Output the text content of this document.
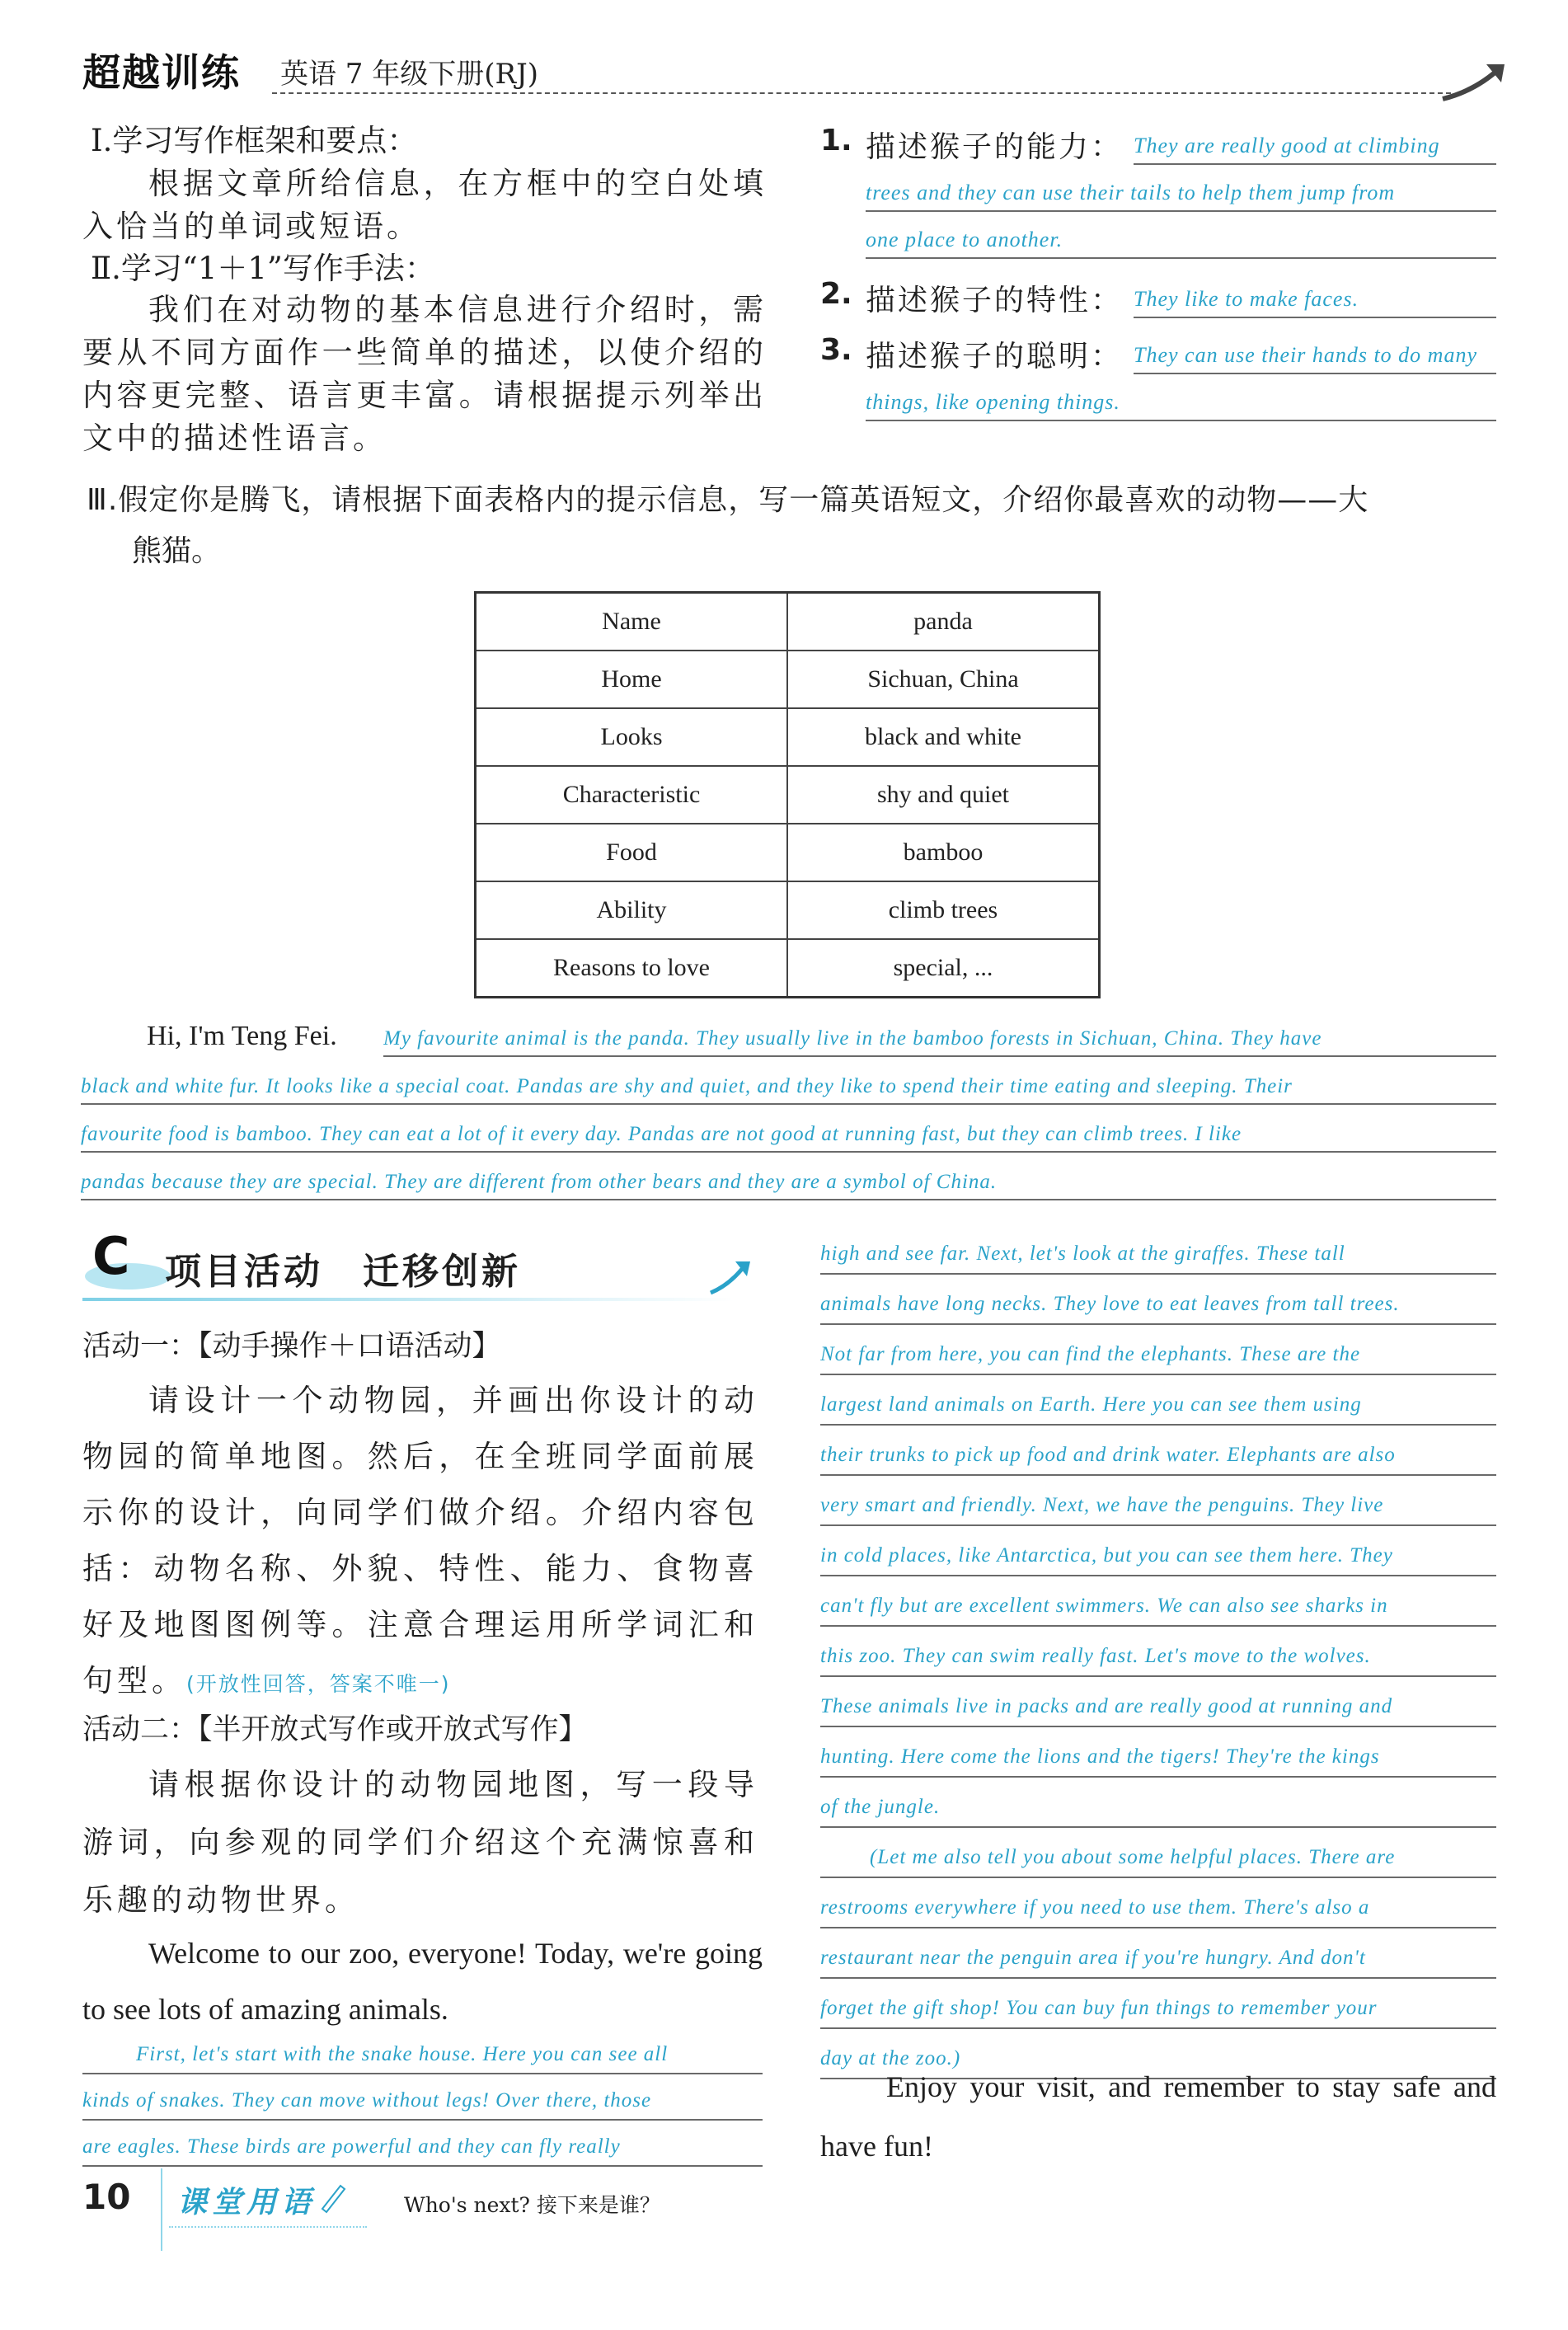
超越训练 英语 7 年级下册(RJ)
Ⅰ.学习写作框架和要点：
根据文章所给信息，在方框中的空白处填入恰当的单词或短语。
Ⅱ.学习“1＋1”写作手法：
我们在对动物的基本信息进行介绍时，需要从不同方面作一些简单的描述，以使介绍的内容更完整、语言更丰富。请根据提示列举出文中的描述性语言。
1. 描述猴子的能力： They are really good at climbing
trees and they can use their tails to help them jump from
one place to another.
2. 描述猴子的特性： They like to make faces.
3. 描述猴子的聪明： They can use their hands to do many
things, like opening things.
Ⅲ.假定你是腾飞，请根据下面表格内的提示信息，写一篇英语短文，介绍你最喜欢的动物——大
熊猫。
Name	panda
Home	Sichuan, China
Looks	black and white
Characteristic	shy and quiet
Food	bamboo
Ability	climb trees
Reasons to love	special, ...
Hi, I'm Teng Fei. My favourite animal is the panda. They usually live in the bamboo forests in Sichuan, China. They have
black and white fur. It looks like a special coat. Pandas are shy and quiet, and they like to spend their time eating and sleeping. Their
favourite food is bamboo. They can eat a lot of it every day. Pandas are not good at running fast, but they can climb trees. I like
pandas because they are special. They are different from other bears and they are a symbol of China.
C 项目活动　迁移创新
活动一：【动手操作＋口语活动】
请设计一个动物园，并画出你设计的动物园的简单地图。然后，在全班同学面前展示你的设计，向同学们做介绍。介绍内容包括：动物名称、外貌、特性、能力、食物喜好及地图图例等。注意合理运用所学词汇和句型。(开放性回答，答案不唯一)
活动二：【半开放式写作或开放式写作】
请根据你设计的动物园地图，写一段导游词，向参观的同学们介绍这个充满惊喜和乐趣的动物世界。
Welcome to our zoo, everyone! Today, we're going to see lots of amazing animals.
First, let's start with the snake house. Here you can see all
kinds of snakes. They can move without legs! Over there, those
are eagles. These birds are powerful and they can fly really
high and see far. Next, let's look at the giraffes. These tall
animals have long necks. They love to eat leaves from tall trees.
Not far from here, you can find the elephants. These are the
largest land animals on Earth. Here you can see them using
their trunks to pick up food and drink water. Elephants are also
very smart and friendly. Next, we have the penguins. They live
in cold places, like Antarctica, but you can see them here. They
can't fly but are excellent swimmers. We can also see sharks in
this zoo. They can swim really fast. Let's move to the wolves.
These animals live in packs and are really good at running and
hunting. Here come the lions and the tigers! They're the kings
of the jungle.
(Let me also tell you about some helpful places. There are
restrooms everywhere if you need to use them. There's also a
restaurant near the penguin area if you're hungry. And don't
forget the gift shop! You can buy fun things to remember your
day at the zoo.)
Enjoy your visit, and remember to stay safe and have fun!
10 课堂用语	Who's next? 接下来是谁？
